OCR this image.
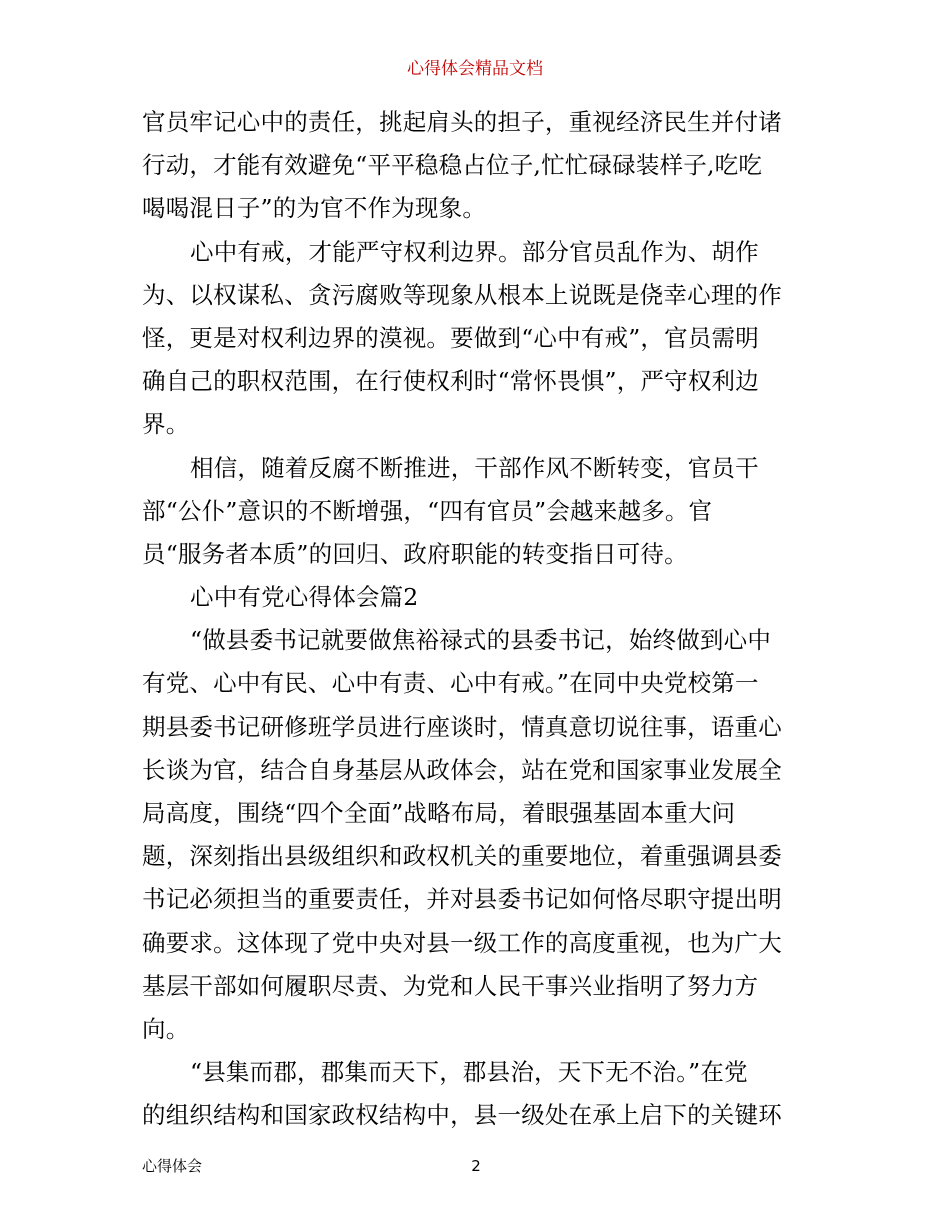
心得体会精品文档
官员牢记心中的责任，挑起肩头的担子，重视经济民生并付诸
行动，才能有效避免“平平稳稳占位子,忙忙碌碌装样子,吃吃
喝喝混日子”的为官不作为现象。
心中有戒，才能严守权利边界。部分官员乱作为、胡作
为、以权谋私、贪污腐败等现象从根本上说既是侥幸心理的作
怪，更是对权利边界的漠视。要做到“心中有戒”，官员需明
确自己的职权范围，在行使权利时“常怀畏惧”，严守权利边
界。
相信，随着反腐不断推进，干部作风不断转变，官员干
部“公仆”意识的不断增强，“四有官员”会越来越多。官
员“服务者本质”的回归、政府职能的转变指日可待。
心中有党心得体会篇2
“做县委书记就要做焦裕禄式的县委书记，始终做到心中
有党、心中有民、心中有责、心中有戒。”在同中央党校第一
期县委书记研修班学员进行座谈时，情真意切说往事，语重心
长谈为官，结合自身基层从政体会，站在党和国家事业发展全
局高度，围绕“四个全面”战略布局，着眼强基固本重大问
题，深刻指出县级组织和政权机关的重要地位，着重强调县委
书记必须担当的重要责任，并对县委书记如何恪尽职守提出明
确要求。这体现了党中央对县一级工作的高度重视，也为广大
基层干部如何履职尽责、为党和人民干事兴业指明了努力方
向。
“县集而郡，郡集而天下，郡县治，天下无不治。”在党
的组织结构和国家政权结构中，县一级处在承上启下的关键环
心得体会	2
